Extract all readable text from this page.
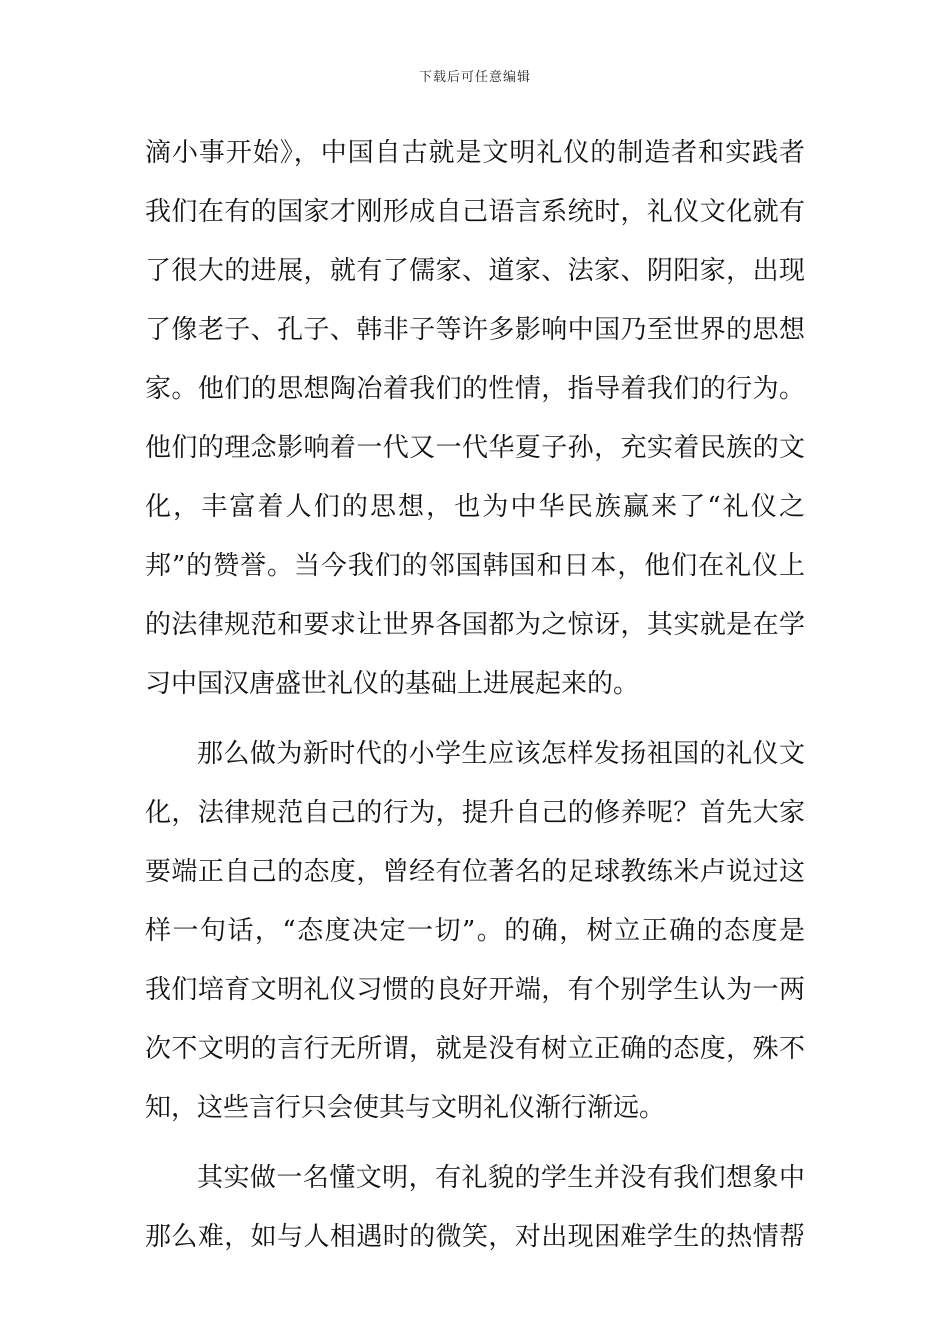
下载后可任意编辑
滴小事开始》，中国自古就是文明礼仪的制造者和实践者
我们在有的国家才刚形成自己语言系统时，礼仪文化就有
了很大的进展，就有了儒家、道家、法家、阴阳家，出现
了像老子、孔子、韩非子等许多影响中国乃至世界的思想
家。他们的思想陶冶着我们的性情，指导着我们的行为。
他们的理念影响着一代又一代华夏子孙，充实着民族的文
化，丰富着人们的思想，也为中华民族赢来了“礼仪之
邦”的赞誉。当今我们的邻国韩国和日本，他们在礼仪上
的法律规范和要求让世界各国都为之惊讶，其实就是在学
习中国汉唐盛世礼仪的基础上进展起来的。
那么做为新时代的小学生应该怎样发扬祖国的礼仪文
化，法律规范自己的行为，提升自己的修养呢？首先大家
要端正自己的态度，曾经有位著名的足球教练米卢说过这
样一句话，“态度决定一切”。的确，树立正确的态度是
我们培育文明礼仪习惯的良好开端，有个别学生认为一两
次不文明的言行无所谓，就是没有树立正确的态度，殊不
知，这些言行只会使其与文明礼仪渐行渐远。
其实做一名懂文明，有礼貌的学生并没有我们想象中
那么难，如与人相遇时的微笑，对出现困难学生的热情帮
